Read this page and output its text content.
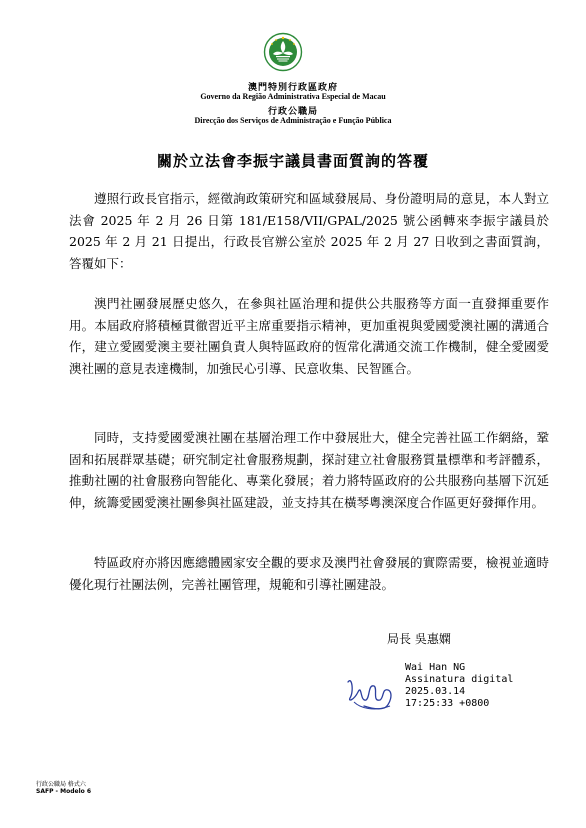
MACAU
澳門特別行政區政府
Governo da Região Administrativa Especial de Macau
行政公職局
Direcção dos Serviços de Administração e Função Pública
關於立法會李振宇議員書面質詢的答覆

遵照行政長官指示，經徵詢政策研究和區域發展局、身份證明局的意見，本人對立法會 2025 年 2 月 26 日第 181/E158/VII/GPAL/2025 號公函轉來李振宇議員於 2025 年 2 月 21 日提出，行政長官辦公室於 2025 年 2 月 27 日收到之書面質詢，答覆如下：

澳門社團發展歷史悠久，在參與社區治理和提供公共服務等方面一直發揮重要作用。本屆政府將積極貫徹習近平主席重要指示精神，更加重視與愛國愛澳社團的溝通合作，建立愛國愛澳主要社團負責人與特區政府的恆常化溝通交流工作機制，健全愛國愛澳社團的意見表達機制，加強民心引導、民意收集、民智匯合。

同時，支持愛國愛澳社團在基層治理工作中發展壯大，健全完善社區工作網絡，鞏固和拓展群眾基礎；研究制定社會服務規劃，探討建立社會服務質量標準和考評體系，推動社團的社會服務向智能化、專業化發展；着力將特區政府的公共服務向基層下沉延伸，統籌愛國愛澳社團參與社區建設，並支持其在橫琴粵澳深度合作區更好發揮作用。

特區政府亦將因應總體國家安全觀的要求及澳門社會發展的實際需要，檢視並適時優化現行社團法例，完善社團管理，規範和引導社團建設。

局長 吳惠嫻
Wai Han NG
Assinatura digital
2025.03.14
17:25:33 +0800
行政公職局 格式六
SAFP - Modelo 6
